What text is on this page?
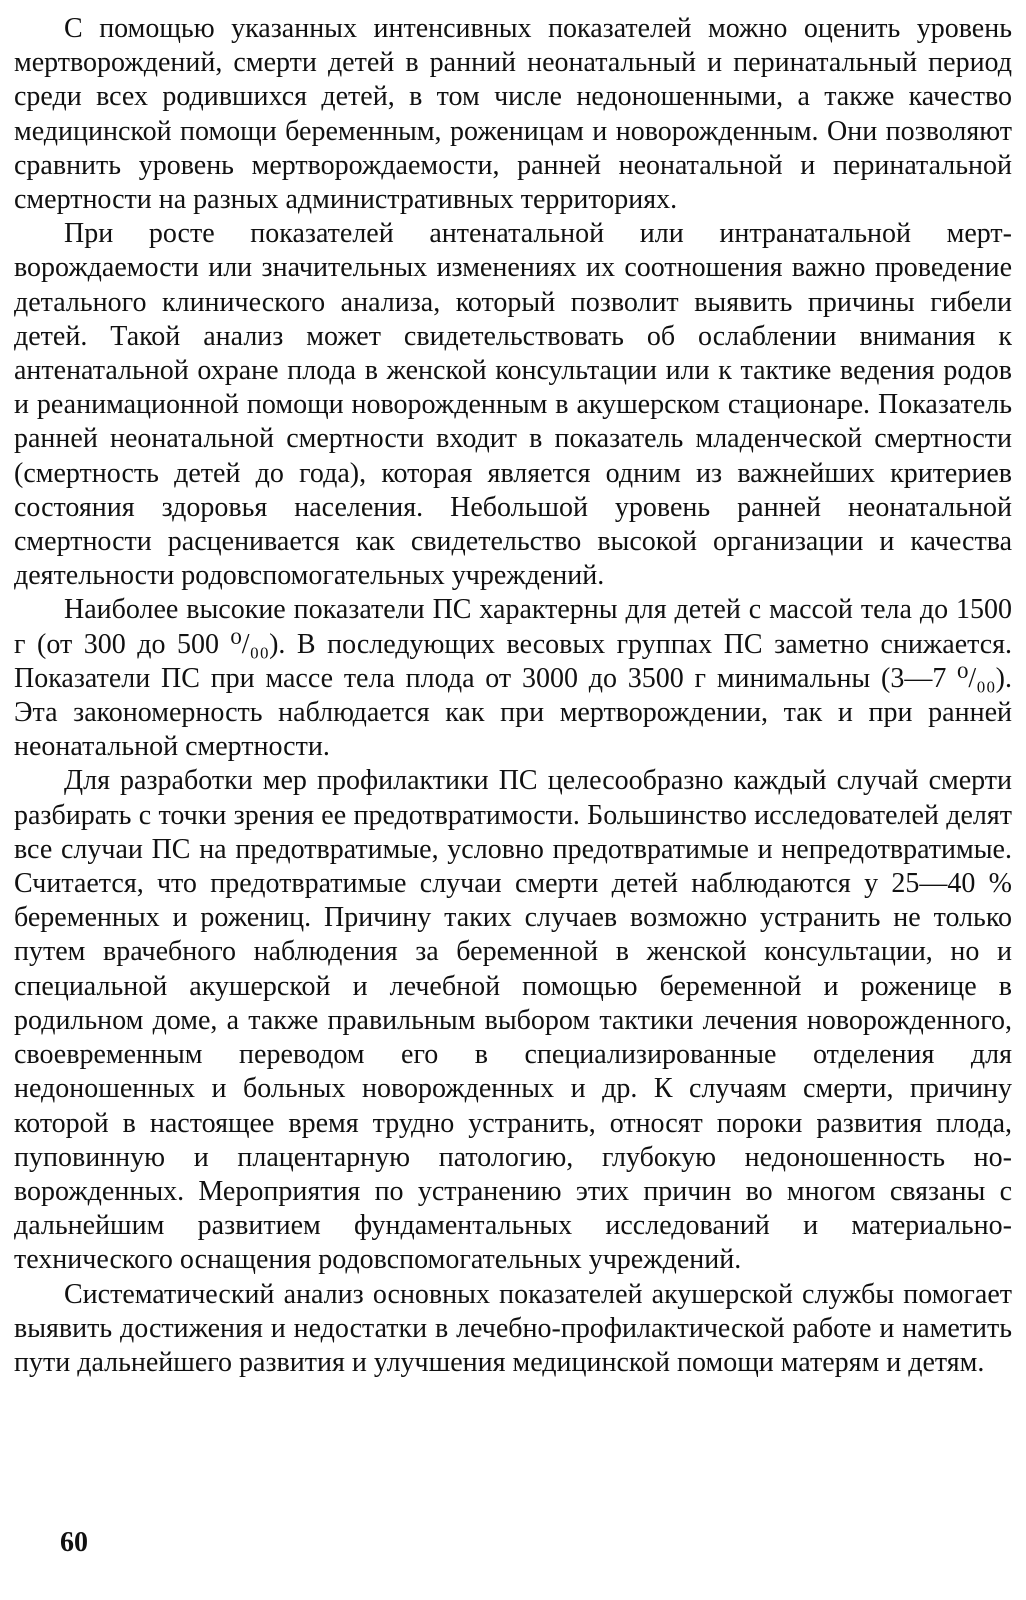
С помощью указанных интенсивных показателей можно оценить уровень мертворождений, смерти детей в ранний неонатальный и перинатальный период среди всех родившихся детей, в том числе недоношенными, а также качество медицинской помощи беременным, роженицам и новорожденным. Они позволяют сравнить уровень мертворождаемости, ранней неонатальной и перинатальной смертности на разных административных территориях.

При росте показателей антенатальной или интранатальной мертворождаемости или значительных изменениях их соотношения важно проведение детального клинического анализа, который позволит выявить причины гибели детей. Такой анализ может свидетельствовать об ослаблении внимания к антенатальной охране плода в женской консультации или к тактике ведения родов и реанимационной помощи новорожденным в акушерском стационаре. Показатель ранней неонатальной смертности входит в показатель младенческой смертности (смертность детей до года), которая является одним из важнейших критериев состояния здоровья населения. Небольшой уровень ранней неонатальной смертности расценивается как свидетельство высокой организации и качества деятельности родовспомогательных учреждений.

Наиболее высокие показатели ПС характерны для детей с массой тела до 1500 г (от 300 до 500 ⁰/₀₀). В последующих весовых группах ПС заметно снижается. Показатели ПС при массе тела плода от 3000 до 3500 г минимальны (3—7 ⁰/₀₀). Эта закономерность наблюдается как при мертворождении, так и при ранней неонатальной смертности.

Для разработки мер профилактики ПС целесообразно каждый случай смерти разбирать с точки зрения ее предотвратимости. Большинство исследователей делят все случаи ПС на предотвратимые, условно предотвратимые и непредотвратимые. Считается, что предотвратимые случаи смерти детей наблюдаются у 25—40 % беременных и рожениц. Причину таких случаев возможно устранить не только путем врачебного наблюдения за беременной в женской консультации, но и специальной акушерской и лечебной помощью беременной и роженице в родильном доме, а также правильным выбором тактики лечения новорожденного, своевременным переводом его в специализированные отделения для недоношенных и больных новорожденных и др. К случаям смерти, причину которой в настоящее время трудно устранить, относят пороки развития плода, пуповинную и плацентарную патологию, глубокую недоношенность новорожденных. Мероприятия по устранению этих причин во многом связаны с дальнейшим развитием фундаментальных исследований и материально-технического оснащения родовспомогательных учреждений.

Систематический анализ основных показателей акушерской службы помогает выявить достижения и недостатки в лечебно-профилактической работе и наметить пути дальнейшего развития и улучшения медицинской помощи матерям и детям.

60
